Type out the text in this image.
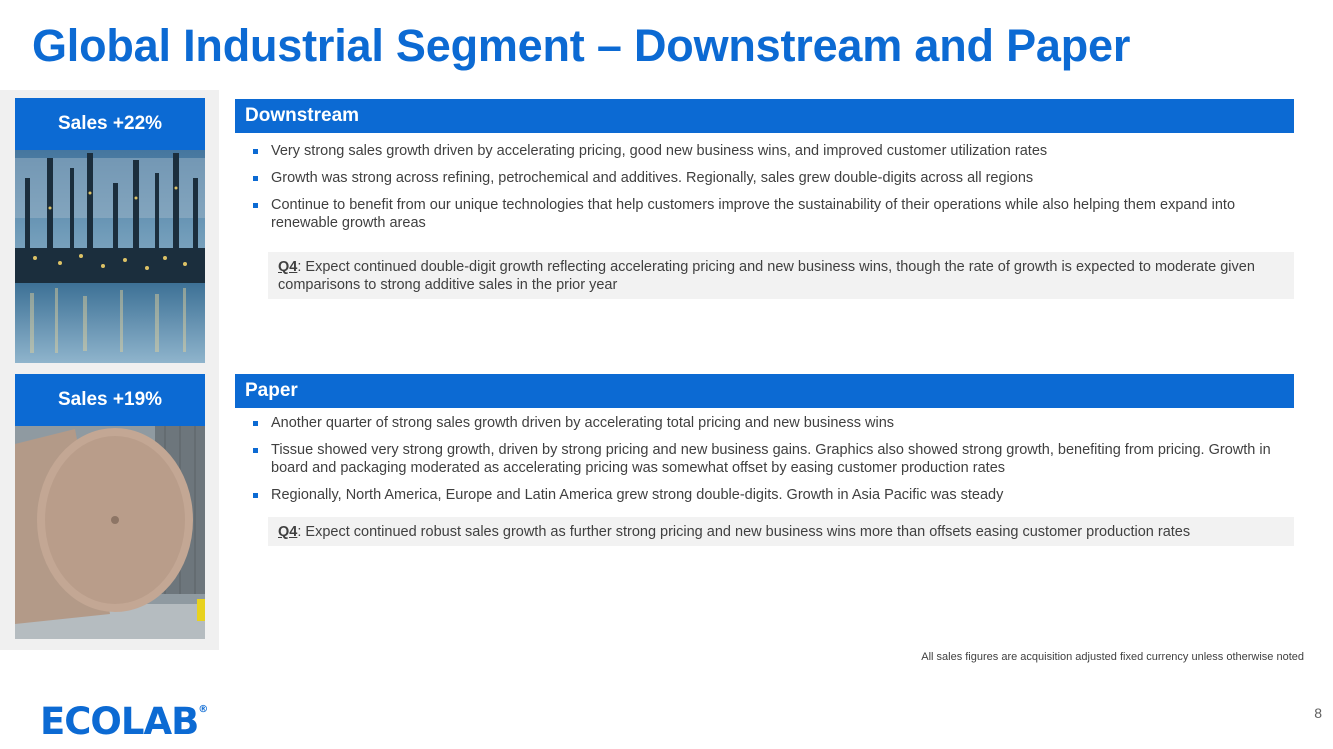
Global Industrial Segment – Downstream and Paper
Sales +22%
Sales +19%
Downstream
Very strong sales growth driven by accelerating pricing, good new business wins, and improved customer utilization rates
Growth was strong across refining, petrochemical and additives. Regionally, sales grew double-digits across all regions
Continue to benefit from our unique technologies that help customers improve the sustainability of their operations while also helping them expand into renewable growth areas
Q4: Expect continued double-digit growth reflecting accelerating pricing and new business wins, though the rate of growth is expected to moderate given comparisons to strong additive sales in the prior year
Paper
Another quarter of strong sales growth driven by accelerating total pricing and new business wins
Tissue showed very strong growth, driven by strong pricing and new business gains. Graphics also showed strong growth, benefiting from pricing. Growth in board and packaging moderated as accelerating pricing was somewhat offset by easing customer production rates
Regionally, North America, Europe and Latin America grew strong double-digits. Growth in Asia Pacific was steady
Q4: Expect continued robust sales growth as further strong pricing and new business wins more than offsets easing customer production rates
All sales figures are acquisition adjusted fixed currency unless otherwise noted
ECOLAB®	8
